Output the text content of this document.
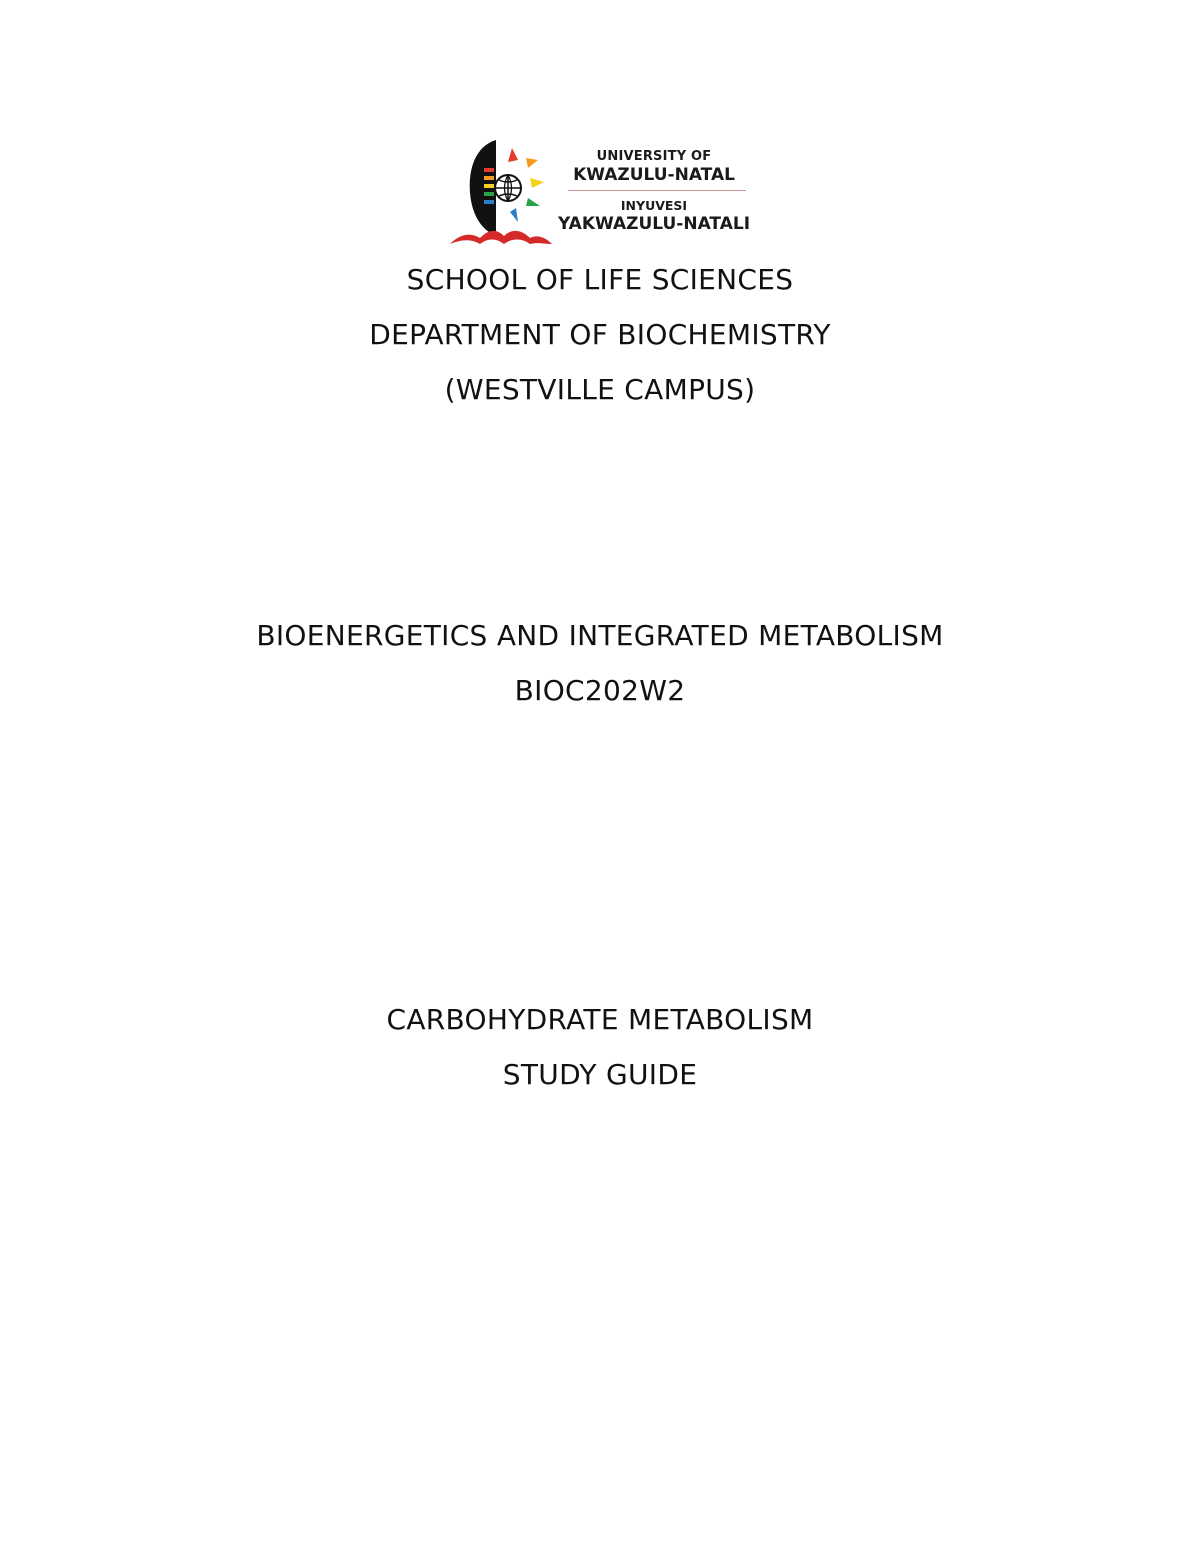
UNIVERSITY OF
KWAZULU-NATAL
INYUVESI
YAKWAZULU-NATALI
SCHOOL OF LIFE SCIENCES
DEPARTMENT OF BIOCHEMISTRY
(WESTVILLE CAMPUS)
BIOENERGETICS AND INTEGRATED METABOLISM
BIOC202W2
CARBOHYDRATE METABOLISM
STUDY GUIDE
